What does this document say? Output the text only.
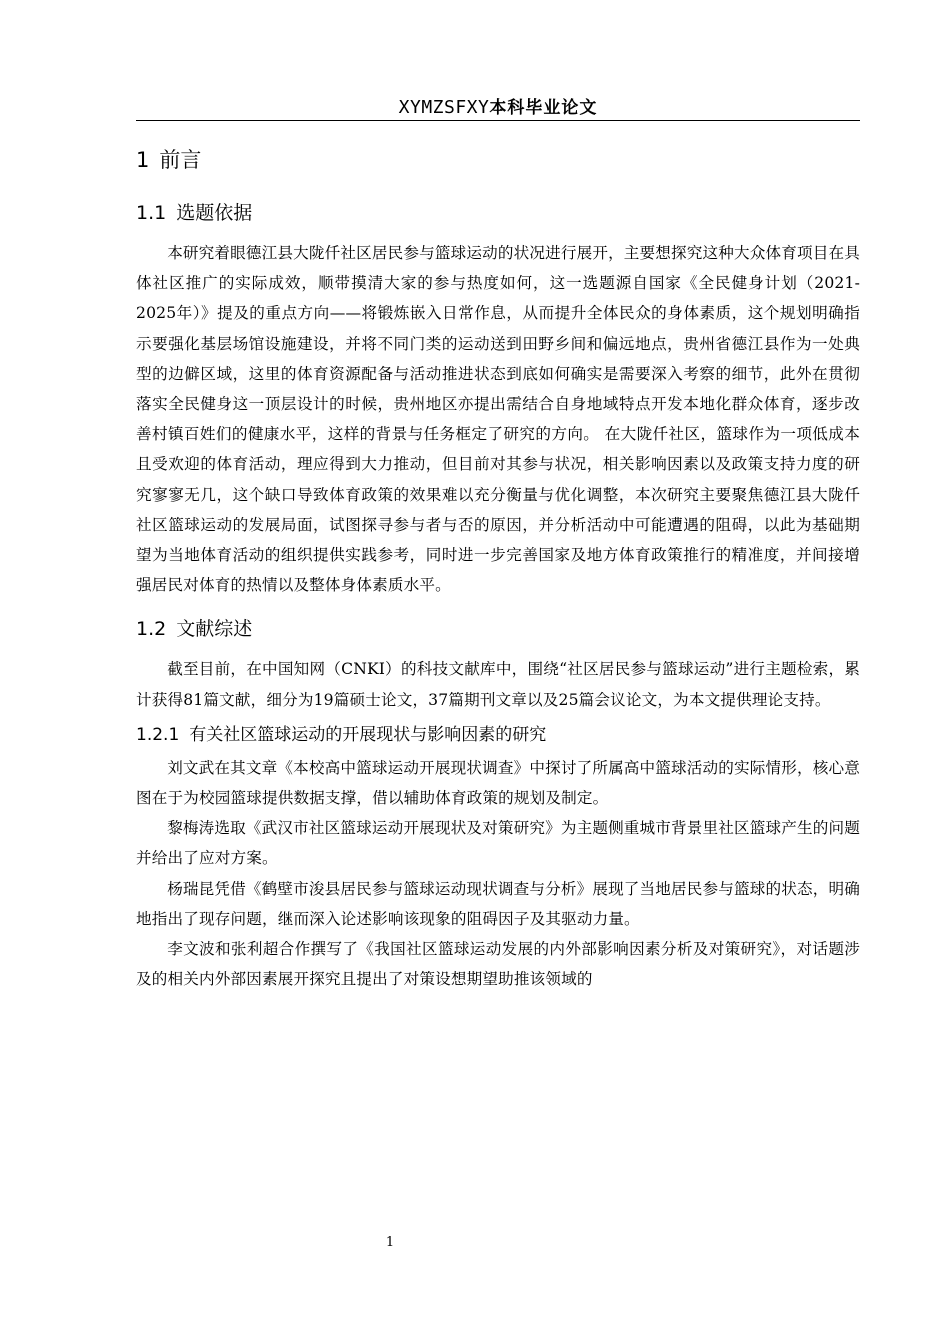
XYMZSFXY本科毕业论文
1 前言
1.1 选题依据

本研究着眼德江县大陇仟社区居民参与篮球运动的状况进行展开，主要想探究这种大众体育项目在具体社区推广的实际成效，顺带摸清大家的参与热度如何，这一选题源自国家《全民健身计划（2021-2025年）》提及的重点方向——将锻炼嵌入日常作息，从而提升全体民众的身体素质，这个规划明确指示要强化基层场馆设施建设，并将不同门类的运动送到田野乡间和偏远地点，贵州省德江县作为一处典型的边僻区域，这里的体育资源配备与活动推进状态到底如何确实是需要深入考察的细节，此外在贯彻落实全民健身这一顶层设计的时候，贵州地区亦提出需结合自身地域特点开发本地化群众体育，逐步改善村镇百姓们的健康水平，这样的背景与任务框定了研究的方向。 在大陇仟社区，篮球作为一项低成本且受欢迎的体育活动，理应得到大力推动，但目前对其参与状况，相关影响因素以及政策支持力度的研究寥寥无几，这个缺口导致体育政策的效果难以充分衡量与优化调整，本次研究主要聚焦德江县大陇仟社区篮球运动的发展局面，试图探寻参与者与否的原因，并分析活动中可能遭遇的阻碍，以此为基础期望为当地体育活动的组织提供实践参考，同时进一步完善国家及地方体育政策推行的精准度，并间接增强居民对体育的热情以及整体身体素质水平。

1.2 文献综述

截至目前，在中国知网（CNKI）的科技文献库中，围绕“社区居民参与篮球运动”进行主题检索，累计获得81篇文献，细分为19篇硕士论文，37篇期刊文章以及25篇会议论文，为本文提供理论支持。

1.2.1 有关社区篮球运动的开展现状与影响因素的研究

刘文武在其文章《本校高中篮球运动开展现状调查》中探讨了所属高中篮球活动的实际情形，核心意图在于为校园篮球提供数据支撑，借以辅助体育政策的规划及制定。

黎梅涛选取《武汉市社区篮球运动开展现状及对策研究》为主题侧重城市背景里社区篮球产生的问题并给出了应对方案。

杨瑞昆凭借《鹤壁市浚县居民参与篮球运动现状调查与分析》展现了当地居民参与篮球的状态，明确地指出了现存问题，继而深入论述影响该现象的阻碍因子及其驱动力量。

李文波和张利超合作撰写了《我国社区篮球运动发展的内外部影响因素分析及对策研究》，对话题涉及的相关内外部因素展开探究且提出了对策设想期望助推该领域的

1
